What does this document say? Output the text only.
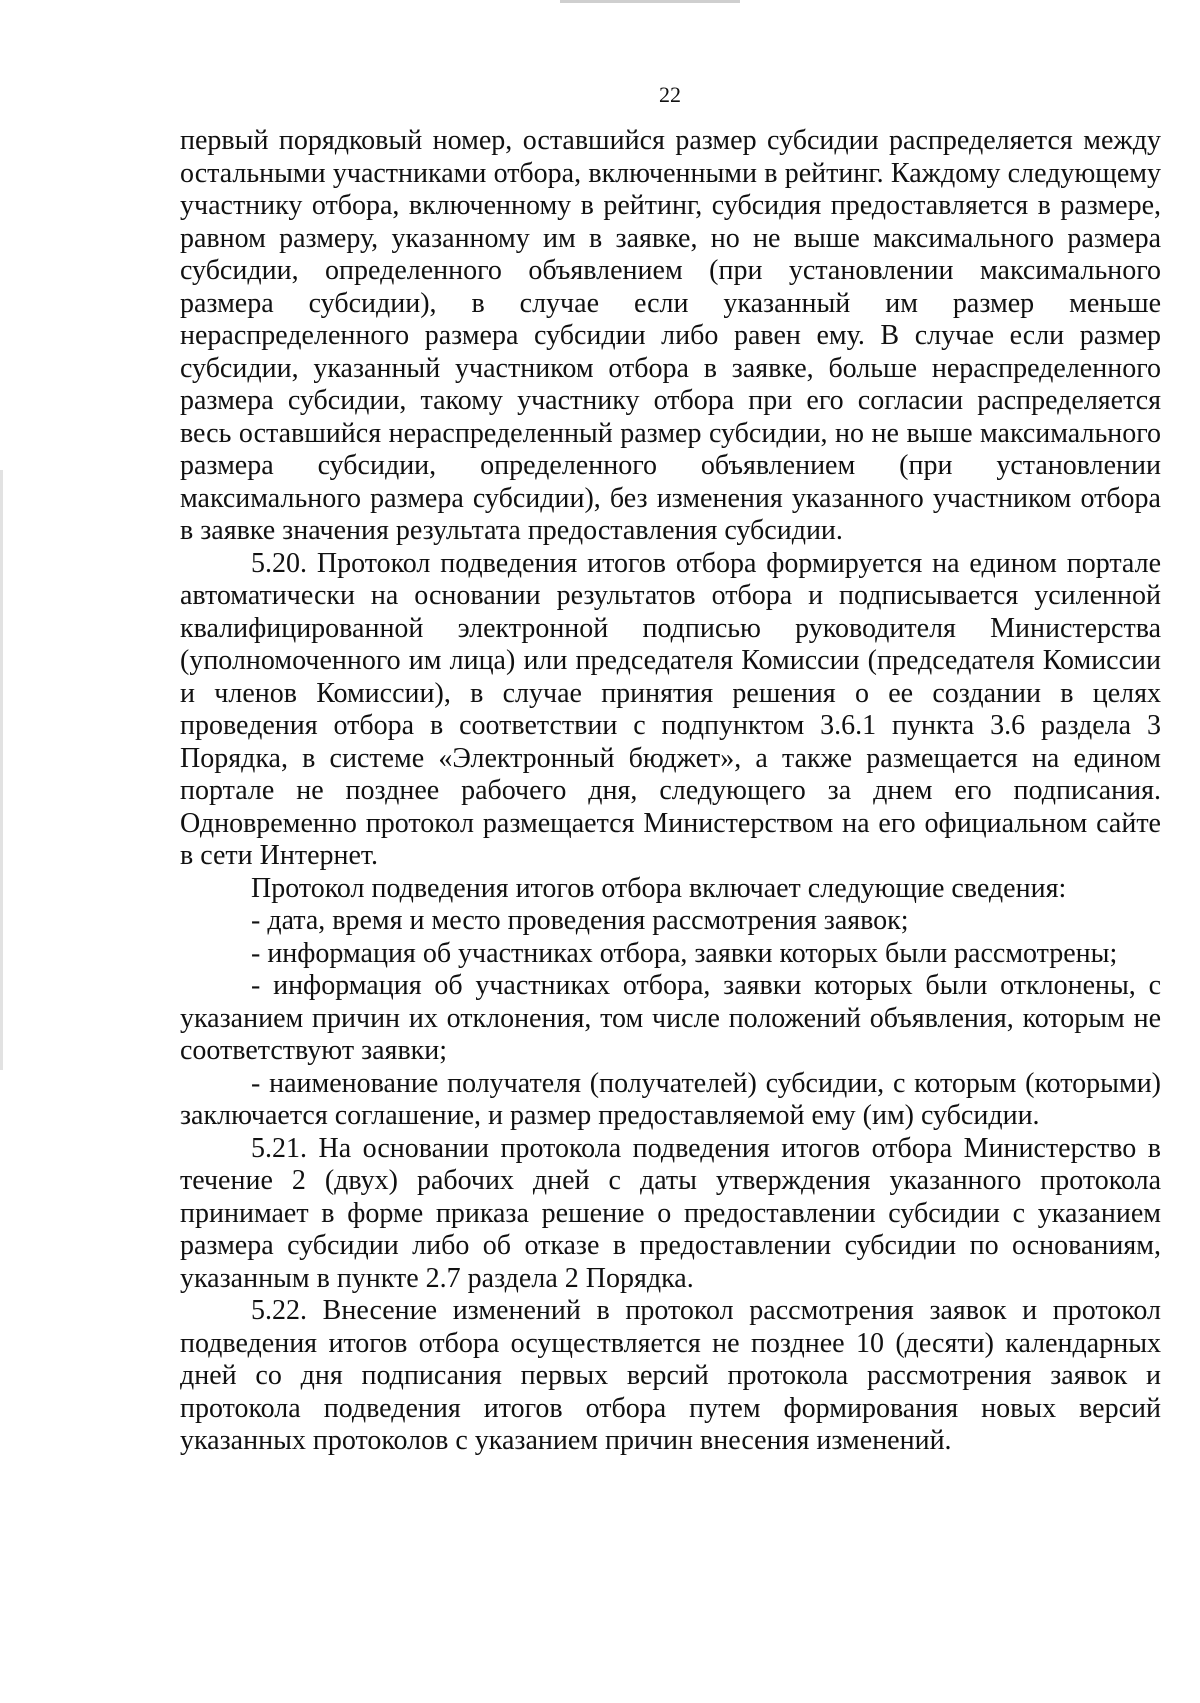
22

первый порядковый номер, оставшийся размер субсидии распределяется между остальными участниками отбора, включенными в рейтинг. Каждому следующему участнику отбора, включенному в рейтинг, субсидия предоставляется в размере, равном размеру, указанному им в заявке, но не выше максимального размера субсидии, определенного объявлением (при установлении максимального размера субсидии), в случае если указанный им размер меньше нераспределенного размера субсидии либо равен ему. В случае если размер субсидии, указанный участником отбора в заявке, больше нераспределенного размера субсидии, такому участнику отбора при его согласии распределяется весь оставшийся нераспределенный размер субсидии, но не выше максимального размера субсидии, определенного объявлением (при установлении максимального размера субсидии), без изменения указанного участником отбора в заявке значения результата предоставления субсидии.

5.20. Протокол подведения итогов отбора формируется на едином портале автоматически на основании результатов отбора и подписывается усиленной квалифицированной электронной подписью руководителя Министерства (уполномоченного им лица) или председателя Комиссии (председателя Комиссии и членов Комиссии), в случае принятия решения о ее создании в целях проведения отбора в соответствии с подпунктом 3.6.1 пункта 3.6 раздела 3 Порядка, в системе «Электронный бюджет», а также размещается на едином портале не позднее рабочего дня, следующего за днем его подписания. Одновременно протокол размещается Министерством на его официальном сайте в сети Интернет.

Протокол подведения итогов отбора включает следующие сведения:

- дата, время и место проведения рассмотрения заявок;

- информация об участниках отбора, заявки которых были рассмотрены;

- информация об участниках отбора, заявки которых были отклонены, с указанием причин их отклонения, том числе положений объявления, которым не соответствуют заявки;

- наименование получателя (получателей) субсидии, с которым (которыми) заключается соглашение, и размер предоставляемой ему (им) субсидии.

5.21. На основании протокола подведения итогов отбора Министерство в течение 2 (двух) рабочих дней с даты утверждения указанного протокола принимает в форме приказа решение о предоставлении субсидии с указанием размера субсидии либо об отказе в предоставлении субсидии по основаниям, указанным в пункте 2.7 раздела 2 Порядка.

5.22. Внесение изменений в протокол рассмотрения заявок и протокол подведения итогов отбора осуществляется не позднее 10 (десяти) календарных дней со дня подписания первых версий протокола рассмотрения заявок и протокола подведения итогов отбора путем формирования новых версий указанных протоколов с указанием причин внесения изменений.
